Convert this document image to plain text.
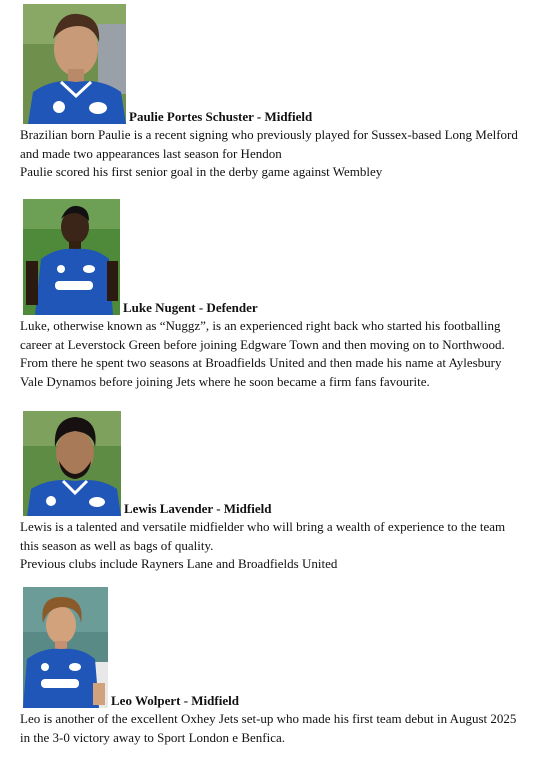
Paulie Portes Schuster - Midfield

Brazilian born Paulie is a recent signing who previously played for Sussex-based Long Melford and made two appearances last season for Hendon

Paulie scored his first senior goal in the derby game against Wembley

Luke Nugent - Defender

Luke, otherwise known as “Nuggz”, is an experienced right back who started his footballing career at Leverstock Green before joining Edgware Town and then moving on to Northwood. From there he spent two seasons at Broadfields United and then made his name at Aylesbury Vale Dynamos before joining Jets where he soon became a firm fans favourite.

Lewis Lavender - Midfield

Lewis is a talented and versatile midfielder who will bring a wealth of experience to the team this season as well as bags of quality.

Previous clubs include Rayners Lane and Broadfields United

Leo Wolpert - Midfield

Leo is another of the excellent Oxhey Jets set-up who made his first team debut in August 2025 in the 3-0 victory away to Sport London e Benfica.
